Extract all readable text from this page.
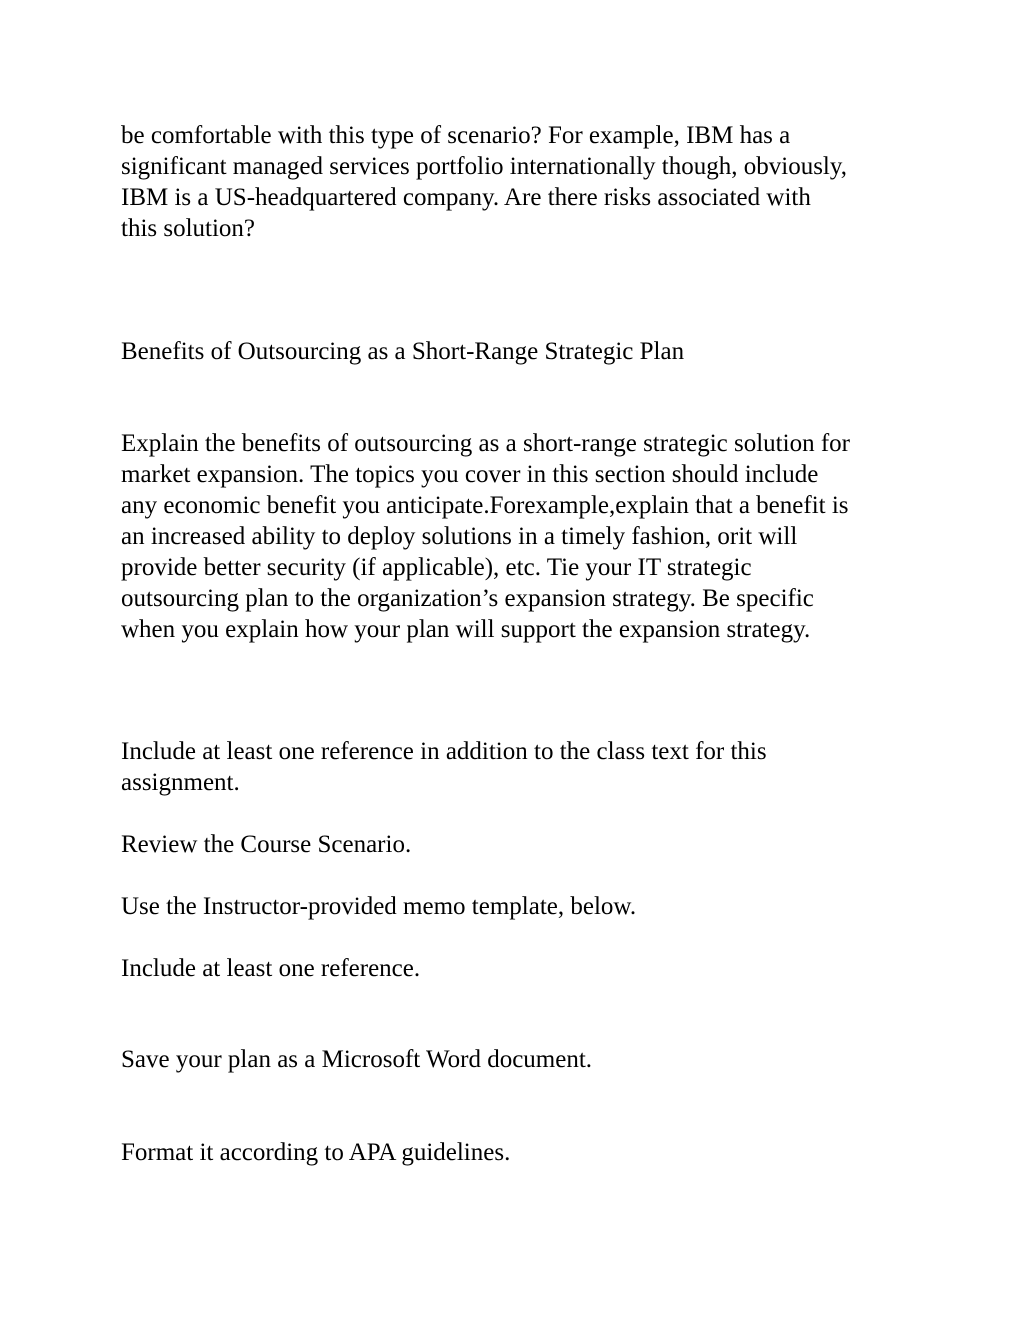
be comfortable with this type of scenario? For example, IBM has a
significant managed services portfolio internationally though, obviously,
IBM is a US-headquartered company. Are there risks associated with
this solution?

Benefits of Outsourcing as a Short-Range Strategic Plan

Explain the benefits of outsourcing as a short-range strategic solution for
market expansion. The topics you cover in this section should include
any economic benefit you anticipate.Forexample,explain that a benefit is
an increased ability to deploy solutions in a timely fashion, orit will
provide better security (if applicable), etc. Tie your IT strategic
outsourcing plan to the organization’s expansion strategy. Be specific
when you explain how your plan will support the expansion strategy.

Include at least one reference in addition to the class text for this
assignment.

Review the Course Scenario.

Use the Instructor-provided memo template, below.

Include at least one reference.

Save your plan as a Microsoft Word document.

Format it according to APA guidelines.
